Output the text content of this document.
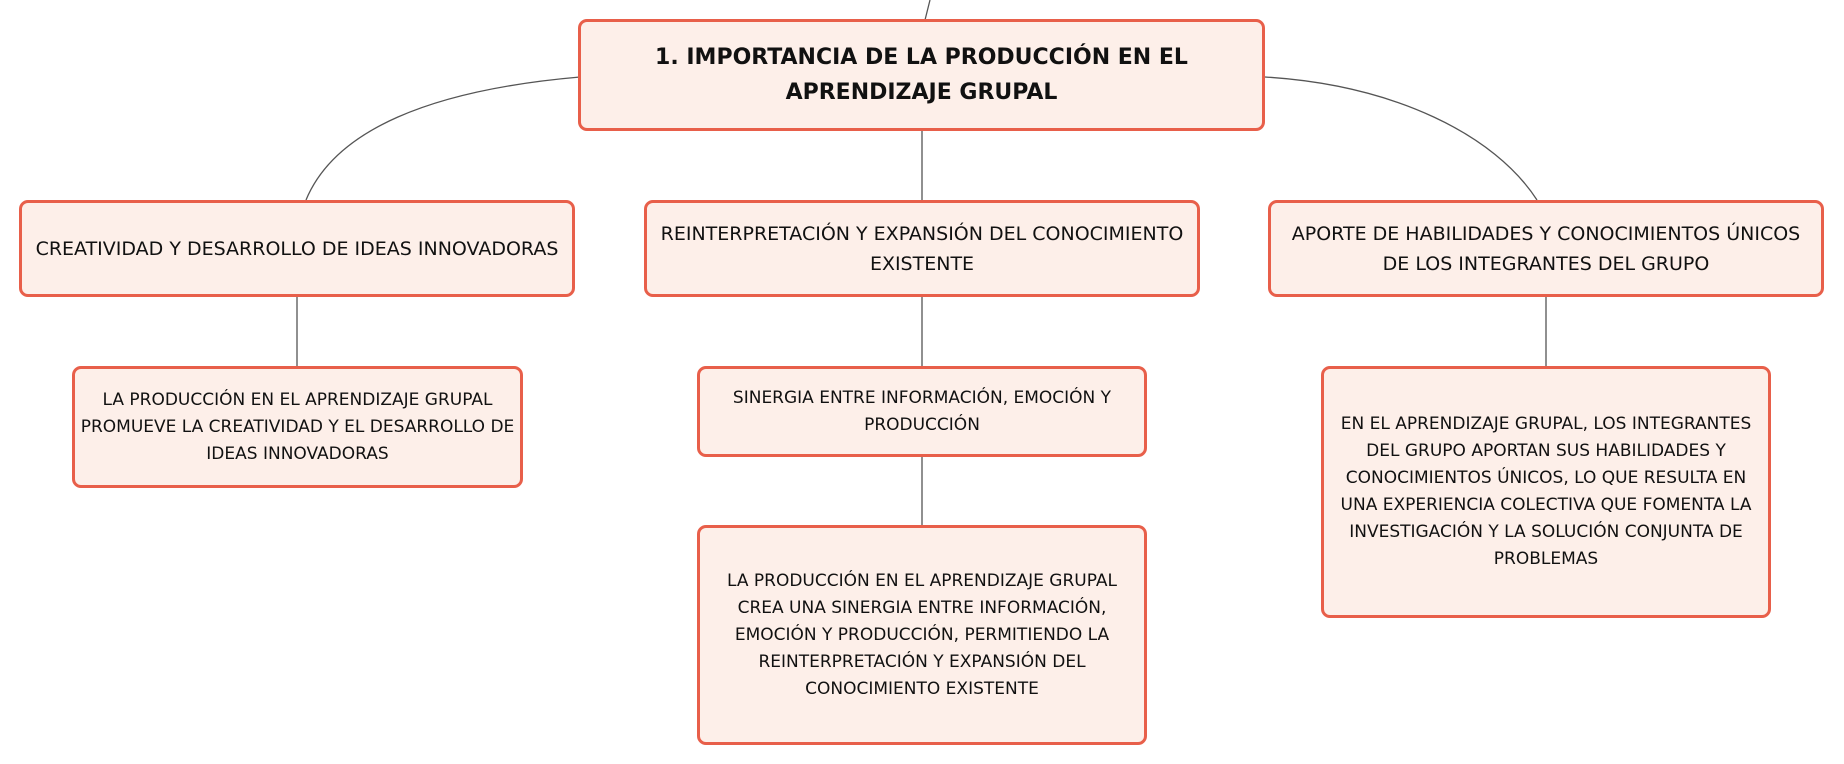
1. IMPORTANCIA DE LA PRODUCCIÓN EN EL APRENDIZAJE GRUPAL
CREATIVIDAD Y DESARROLLO DE IDEAS INNOVADORAS
REINTERPRETACIÓN Y EXPANSIÓN DEL CONOCIMIENTO EXISTENTE
APORTE DE HABILIDADES Y CONOCIMIENTOS ÚNICOS DE LOS INTEGRANTES DEL GRUPO
LA PRODUCCIÓN EN EL APRENDIZAJE GRUPAL PROMUEVE LA CREATIVIDAD Y EL DESARROLLO DE IDEAS INNOVADORAS
SINERGIA ENTRE INFORMACIÓN, EMOCIÓN Y PRODUCCIÓN
LA PRODUCCIÓN EN EL APRENDIZAJE GRUPAL CREA UNA SINERGIA ENTRE INFORMACIÓN, EMOCIÓN Y PRODUCCIÓN, PERMITIENDO LA REINTERPRETACIÓN Y EXPANSIÓN DEL CONOCIMIENTO EXISTENTE
EN EL APRENDIZAJE GRUPAL, LOS INTEGRANTES DEL GRUPO APORTAN SUS HABILIDADES Y CONOCIMIENTOS ÚNICOS, LO QUE RESULTA EN UNA EXPERIENCIA COLECTIVA QUE FOMENTA LA INVESTIGACIÓN Y LA SOLUCIÓN CONJUNTA DE PROBLEMAS
